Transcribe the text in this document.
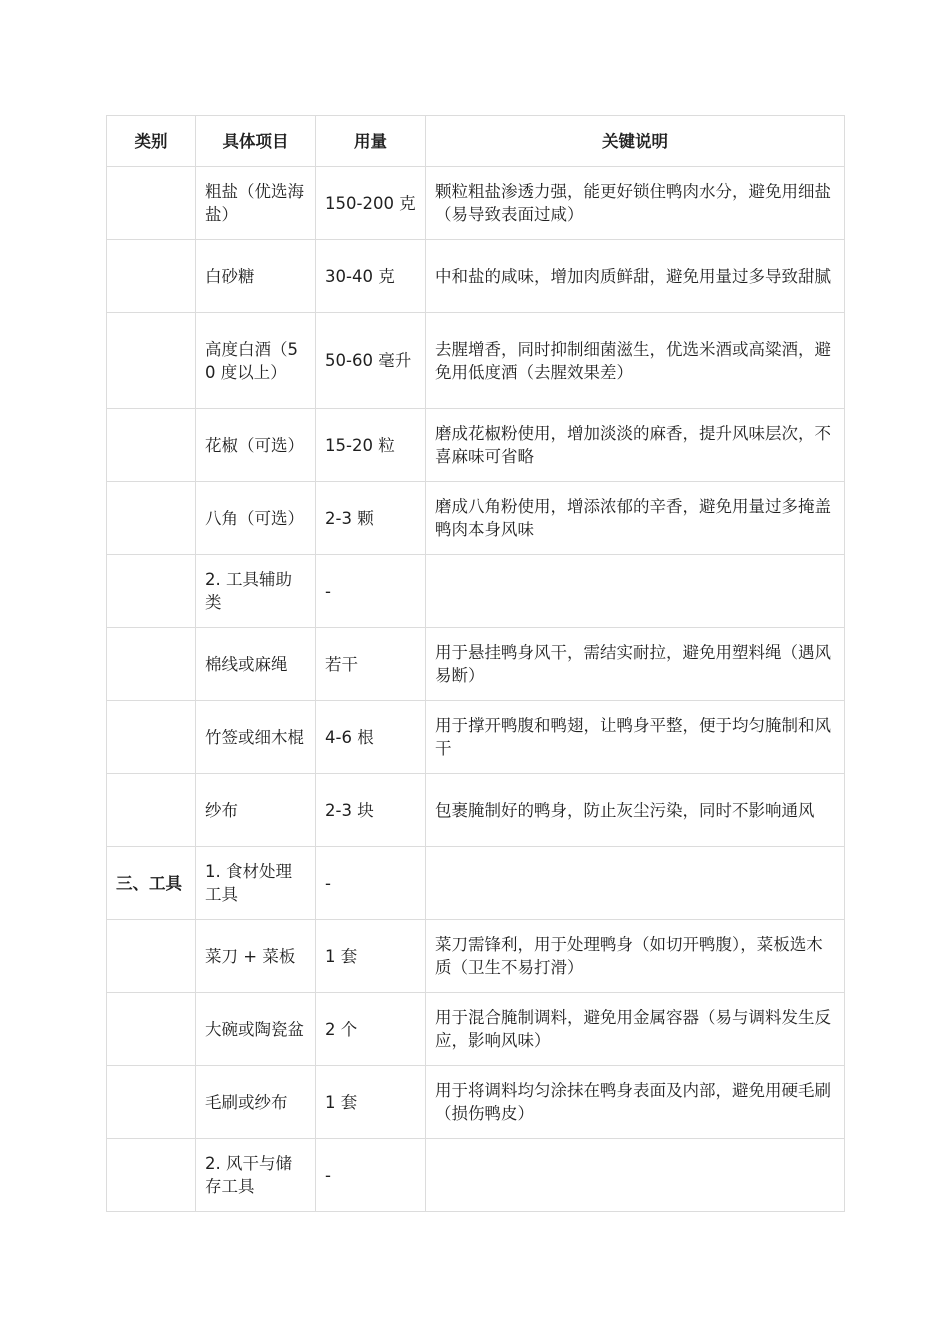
类别	具体项目	用量	关键说明
	粗盐（优选海盐）	150-200 克	颗粒粗盐渗透力强，能更好锁住鸭肉水分，避免用细盐（易导致表面过咸）
	白砂糖	30-40 克	中和盐的咸味，增加肉质鲜甜，避免用量过多导致甜腻
	高度白酒（50 度以上）	50-60 毫升	去腥增香，同时抑制细菌滋生，优选米酒或高粱酒，避免用低度酒（去腥效果差）
	花椒（可选）	15-20 粒	磨成花椒粉使用，增加淡淡的麻香，提升风味层次，不喜麻味可省略
	八角（可选）	2-3 颗	磨成八角粉使用，增添浓郁的辛香，避免用量过多掩盖鸭肉本身风味
	2. 工具辅助类	-	
	棉线或麻绳	若干	用于悬挂鸭身风干，需结实耐拉，避免用塑料绳（遇风易断）
	竹签或细木棍	4-6 根	用于撑开鸭腹和鸭翅，让鸭身平整，便于均匀腌制和风干
	纱布	2-3 块	包裹腌制好的鸭身，防止灰尘污染，同时不影响通风
三、工具	1. 食材处理工具	-	
	菜刀 + 菜板	1 套	菜刀需锋利，用于处理鸭身（如切开鸭腹），菜板选木质（卫生不易打滑）
	大碗或陶瓷盆	2 个	用于混合腌制调料，避免用金属容器（易与调料发生反应，影响风味）
	毛刷或纱布	1 套	用于将调料均匀涂抹在鸭身表面及内部，避免用硬毛刷（损伤鸭皮）
	2. 风干与储存工具	-	
